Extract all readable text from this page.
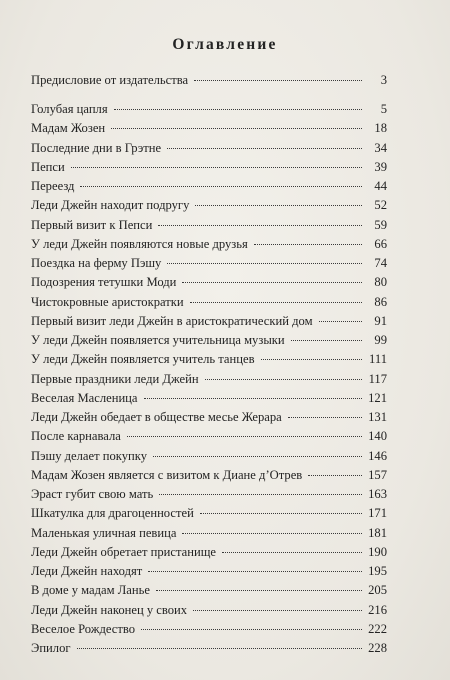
Оглавление
Предисловие от издательства	3
Голубая цапля	5
Мадам Жозен	18
Последние дни в Грэтне	34
Пепси	39
Переезд	44
Леди Джейн находит подругу	52
Первый визит к Пепси	59
У леди Джейн появляются новые друзья	66
Поездка на ферму Пэшу	74
Подозрения тетушки Моди	80
Чистокровные аристократки	86
Первый визит леди Джейн в аристократический дом	91
У леди Джейн появляется учительница музыки	99
У леди Джейн появляется учитель танцев	111
Первые праздники леди Джейн	117
Веселая Масленица	121
Леди Джейн обедает в обществе месье Жерара	131
После карнавала	140
Пэшу делает покупку	146
Мадам Жозен является с визитом к Диане д’Отрев	157
Эраст губит свою мать	163
Шкатулка для драгоценностей	171
Маленькая уличная певица	181
Леди Джейн обретает пристанище	190
Леди Джейн находят	195
В доме у мадам Ланье	205
Леди Джейн наконец у своих	216
Веселое Рождество	222
Эпилог	228
